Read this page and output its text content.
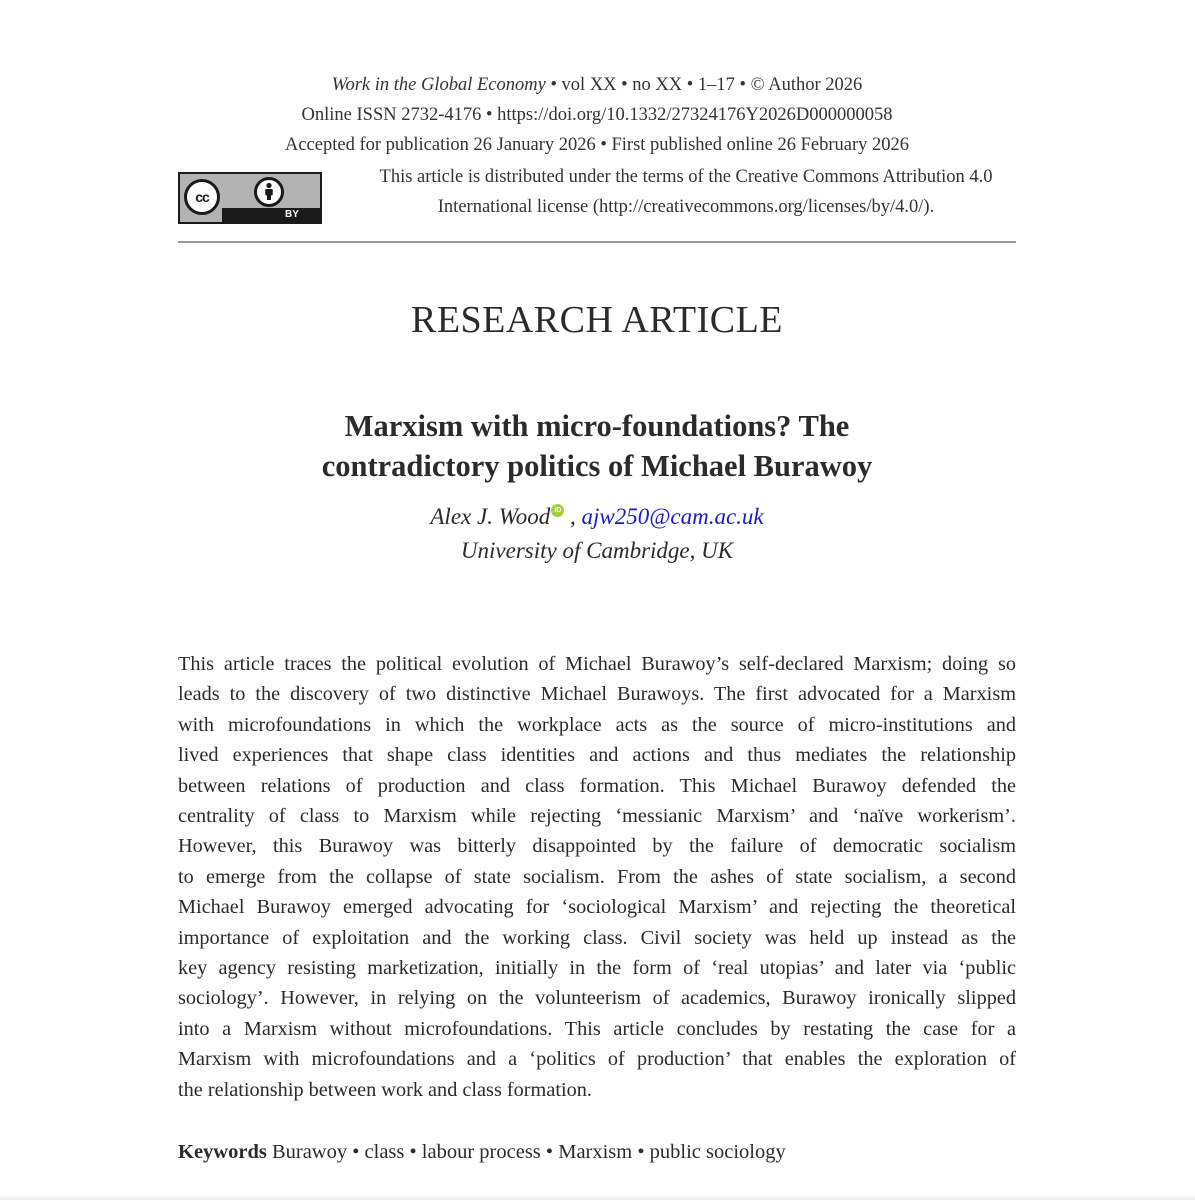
Work in the Global Economy • vol XX • no XX • 1–17 • © Author 2026
Online ISSN 2732-4176 • https://doi.org/10.1332/27324176Y2026D000000058
Accepted for publication 26 January 2026 • First published online 26 February 2026
cc
BY
This article is distributed under the terms of the Creative Commons Attribution 4.0
International license (http://creativecommons.org/licenses/by/4.0/).
RESEARCH ARTICLE
Marxism with micro-foundations? The
contradictory politics of Michael Burawoy
Alex J. Wood iD , ajw250@cam.ac.uk
University of Cambridge, UK
This article traces the political evolution of Michael Burawoy’s self-declared Marxism; doing so
leads to the discovery of two distinctive Michael Burawoys. The first advocated for a Marxism
with microfoundations in which the workplace acts as the source of micro-institutions and
lived experiences that shape class identities and actions and thus mediates the relationship
between relations of production and class formation. This Michael Burawoy defended the
centrality of class to Marxism while rejecting ‘messianic Marxism’ and ‘naïve workerism’.
However, this Burawoy was bitterly disappointed by the failure of democratic socialism
to emerge from the collapse of state socialism. From the ashes of state socialism, a second
Michael Burawoy emerged advocating for ‘sociological Marxism’ and rejecting the theoretical
importance of exploitation and the working class. Civil society was held up instead as the
key agency resisting marketization, initially in the form of ‘real utopias’ and later via ‘public
sociology’. However, in relying on the volunteerism of academics, Burawoy ironically slipped
into a Marxism without microfoundations. This article concludes by restating the case for a
Marxism with microfoundations and a ‘politics of production’ that enables the exploration of
the relationship between work and class formation.
Keywords Burawoy • class • labour process • Marxism • public sociology
